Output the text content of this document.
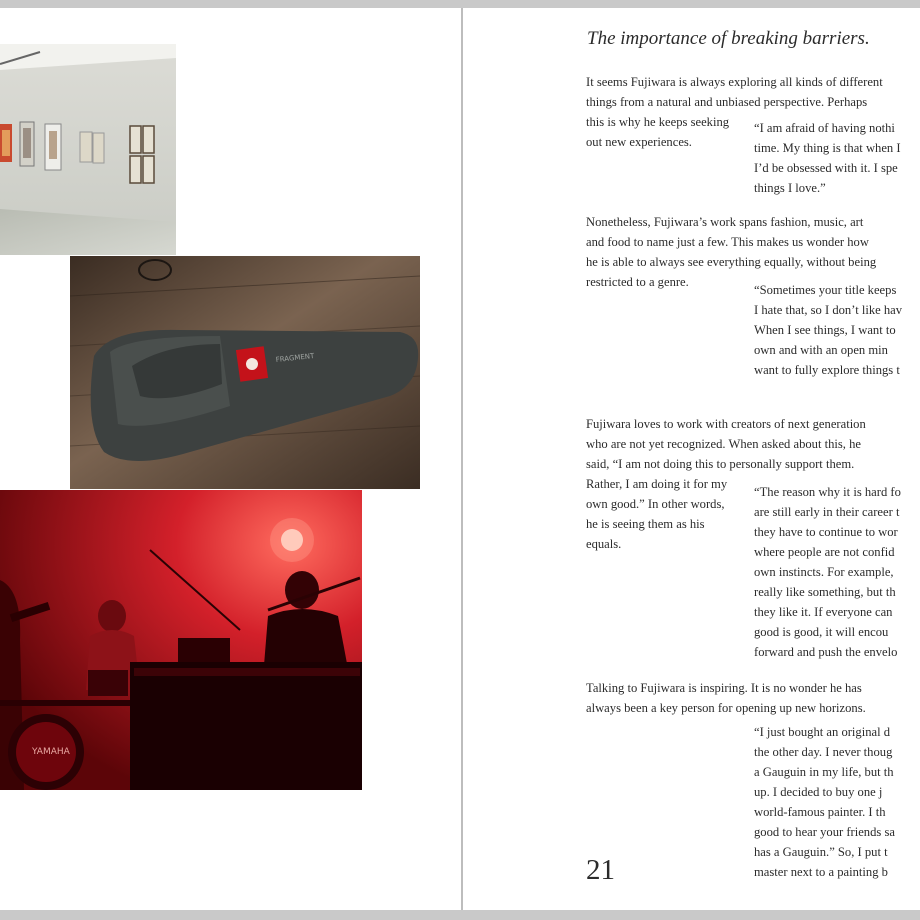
FRAGMENT
YAMAHA
The importance of breaking barriers.
It seems Fujiwara is always exploring all kinds of different
things from a natural and unbiased perspective. Perhaps
this is why he keeps seeking
out new experiences.
“I am afraid of having nothi
time. My thing is that when I
I’d be obsessed with it. I spe
things I love.”
Nonetheless, Fujiwara’s work spans fashion, music, art
and food to name just a few. This makes us wonder how
he is able to always see everything equally, without being
restricted to a genre.
“Sometimes your title keeps
I hate that, so I don’t like hav
When I see things, I want to
own and with an open min
want to fully explore things t
Fujiwara loves to work with creators of next generation
who are not yet recognized. When asked about this, he
said, “I am not doing this to personally support them.
Rather, I am doing it for my
own good.” In other words,
he is seeing them as his
equals.
“The reason why it is hard fo
are still early in their career t
they have to continue to wor
where people are not confid
own instincts. For example,
really like something, but th
they like it. If everyone can
good is good, it will encou
forward and push the envelo
Talking to Fujiwara is inspiring. It is no wonder he has
always been a key person for opening up new horizons.
“I just bought an original d
the other day. I never thoug
a Gauguin in my life, but th
up. I decided to buy one j
world-famous painter. I th
good to hear your friends sa
has a Gauguin.” So, I put t
master next to a painting b
21
